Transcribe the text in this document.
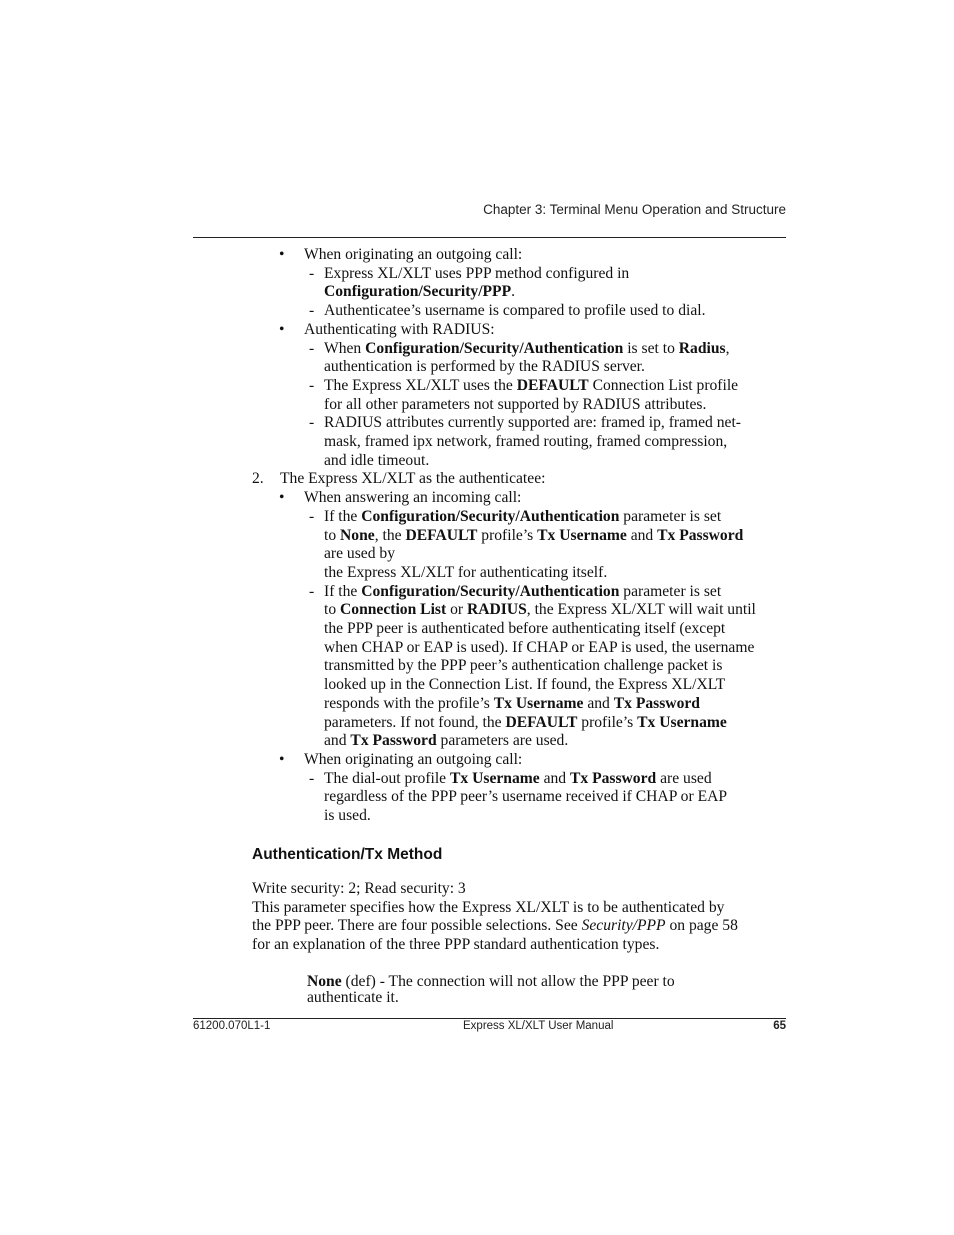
Chapter 3: Terminal Menu Operation and Structure
•	When originating an outgoing call:
- Express XL/XLT uses PPP method configured in
Configuration/Security/PPP.
- Authenticatee’s username is compared to profile used to dial.
•	Authenticating with RADIUS:
- When Configuration/Security/Authentication is set to Radius,
authentication is performed by the RADIUS server.
- The Express XL/XLT uses the DEFAULT Connection List profile
for all other parameters not supported by RADIUS attributes.
- RADIUS attributes currently supported are: framed ip, framed net-
mask, framed ipx network, framed routing, framed compression,
and idle timeout.
2.	The Express XL/XLT as the authenticatee:
•	When answering an incoming call:
- If the Configuration/Security/Authentication parameter is set
to None, the DEFAULT profile’s Tx Username and Tx Password
are used by
the Express XL/XLT for authenticating itself.
- If the Configuration/Security/Authentication parameter is set
to Connection List or RADIUS, the Express XL/XLT will wait until
the PPP peer is authenticated before authenticating itself (except
when CHAP or EAP is used). If CHAP or EAP is used, the username
transmitted by the PPP peer’s authentication challenge packet is
looked up in the Connection List. If found, the Express XL/XLT
responds with the profile’s Tx Username and Tx Password
parameters. If not found, the DEFAULT profile’s Tx Username
and Tx Password parameters are used.
•	When originating an outgoing call:
- The dial-out profile Tx Username and Tx Password are used
regardless of the PPP peer’s username received if CHAP or EAP
is used.
Authentication/Tx Method
Write security: 2; Read security: 3
This parameter specifies how the Express XL/XLT is to be authenticated by
the PPP peer. There are four possible selections. See Security/PPP on page 58
for an explanation of the three PPP standard authentication types.
None (def) - The connection will not allow the PPP peer to
authenticate it.
61200.070L1-1	Express XL/XLT User Manual	65
